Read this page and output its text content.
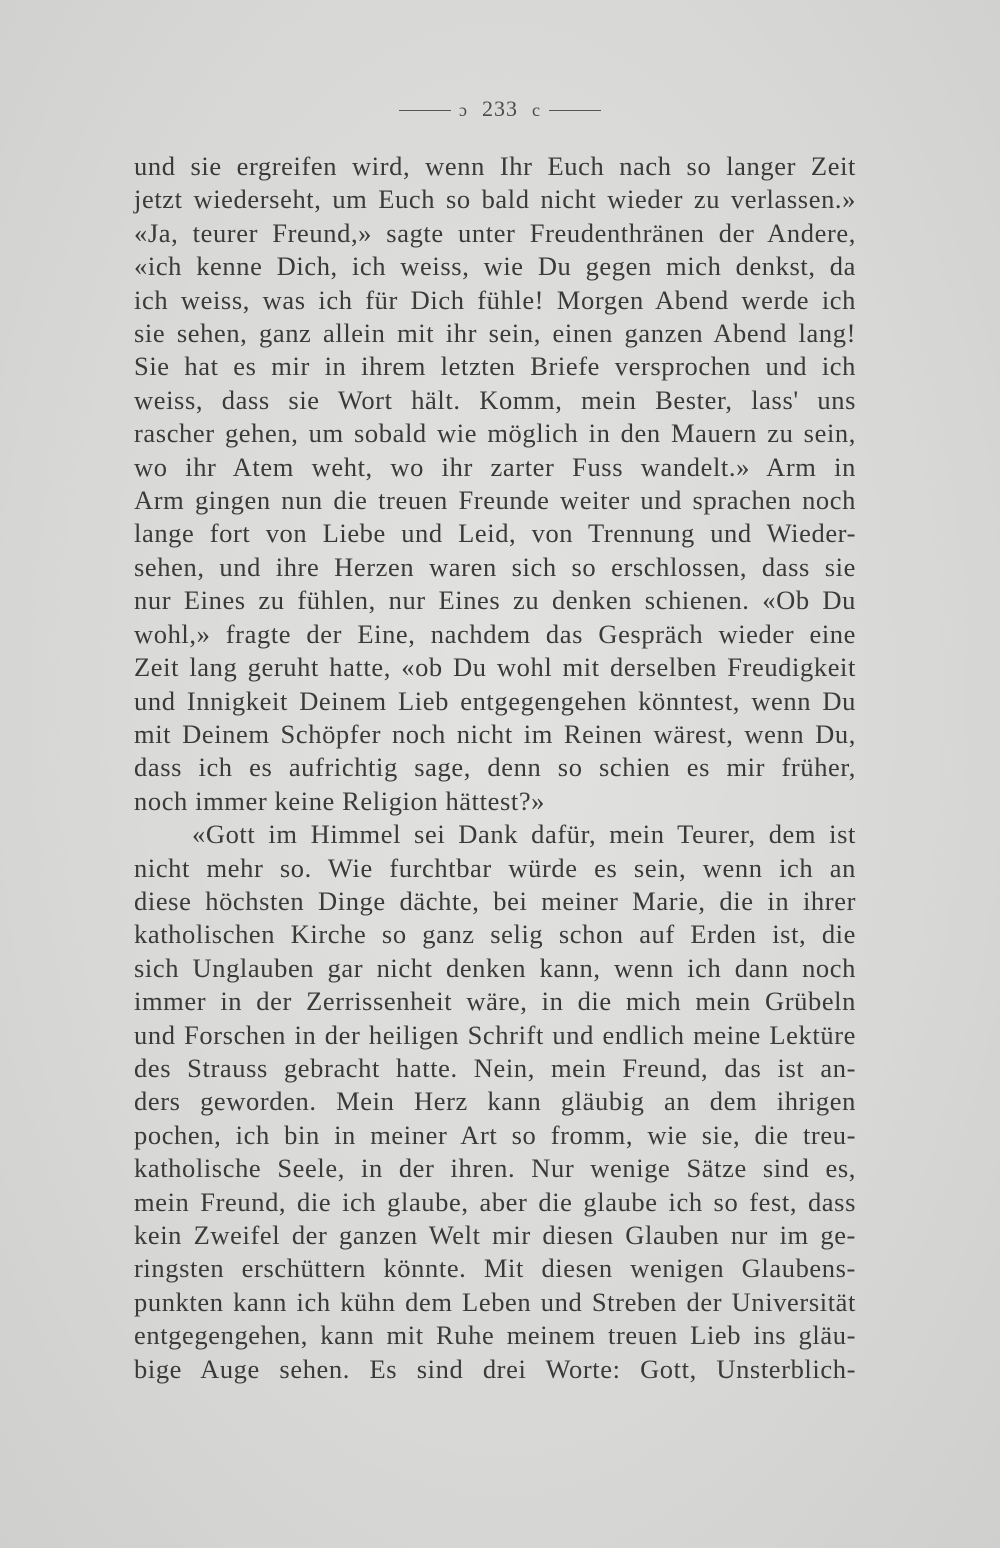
ɔ 233 c
und sie ergreifen wird, wenn Ihr Euch nach so langer Zeit
jetzt wiederseht, um Euch so bald nicht wieder zu verlassen.»
«Ja, teurer Freund,» sagte unter Freudenthränen der Andere,
«ich kenne Dich, ich weiss, wie Du gegen mich denkst, da
ich weiss, was ich für Dich fühle! Morgen Abend werde ich
sie sehen, ganz allein mit ihr sein, einen ganzen Abend lang!
Sie hat es mir in ihrem letzten Briefe versprochen und ich
weiss, dass sie Wort hält. Komm, mein Bester, lass' uns
rascher gehen, um sobald wie möglich in den Mauern zu sein,
wo ihr Atem weht, wo ihr zarter Fuss wandelt.» Arm in
Arm gingen nun die treuen Freunde weiter und sprachen noch
lange fort von Liebe und Leid, von Trennung und Wieder-
sehen, und ihre Herzen waren sich so erschlossen, dass sie
nur Eines zu fühlen, nur Eines zu denken schienen. «Ob Du
wohl,» fragte der Eine, nachdem das Gespräch wieder eine
Zeit lang geruht hatte, «ob Du wohl mit derselben Freudigkeit
und Innigkeit Deinem Lieb entgegengehen könntest, wenn Du
mit Deinem Schöpfer noch nicht im Reinen wärest, wenn Du,
dass ich es aufrichtig sage, denn so schien es mir früher,
noch immer keine Religion hättest?»
«Gott im Himmel sei Dank dafür, mein Teurer, dem ist
nicht mehr so. Wie furchtbar würde es sein, wenn ich an
diese höchsten Dinge dächte, bei meiner Marie, die in ihrer
katholischen Kirche so ganz selig schon auf Erden ist, die
sich Unglauben gar nicht denken kann, wenn ich dann noch
immer in der Zerrissenheit wäre, in die mich mein Grübeln
und Forschen in der heiligen Schrift und endlich meine Lektüre
des Strauss gebracht hatte. Nein, mein Freund, das ist an-
ders geworden. Mein Herz kann gläubig an dem ihrigen
pochen, ich bin in meiner Art so fromm, wie sie, die treu-
katholische Seele, in der ihren. Nur wenige Sätze sind es,
mein Freund, die ich glaube, aber die glaube ich so fest, dass
kein Zweifel der ganzen Welt mir diesen Glauben nur im ge-
ringsten erschüttern könnte. Mit diesen wenigen Glaubens-
punkten kann ich kühn dem Leben und Streben der Universität
entgegengehen, kann mit Ruhe meinem treuen Lieb ins gläu-
bige Auge sehen. Es sind drei Worte: Gott, Unsterblich-
